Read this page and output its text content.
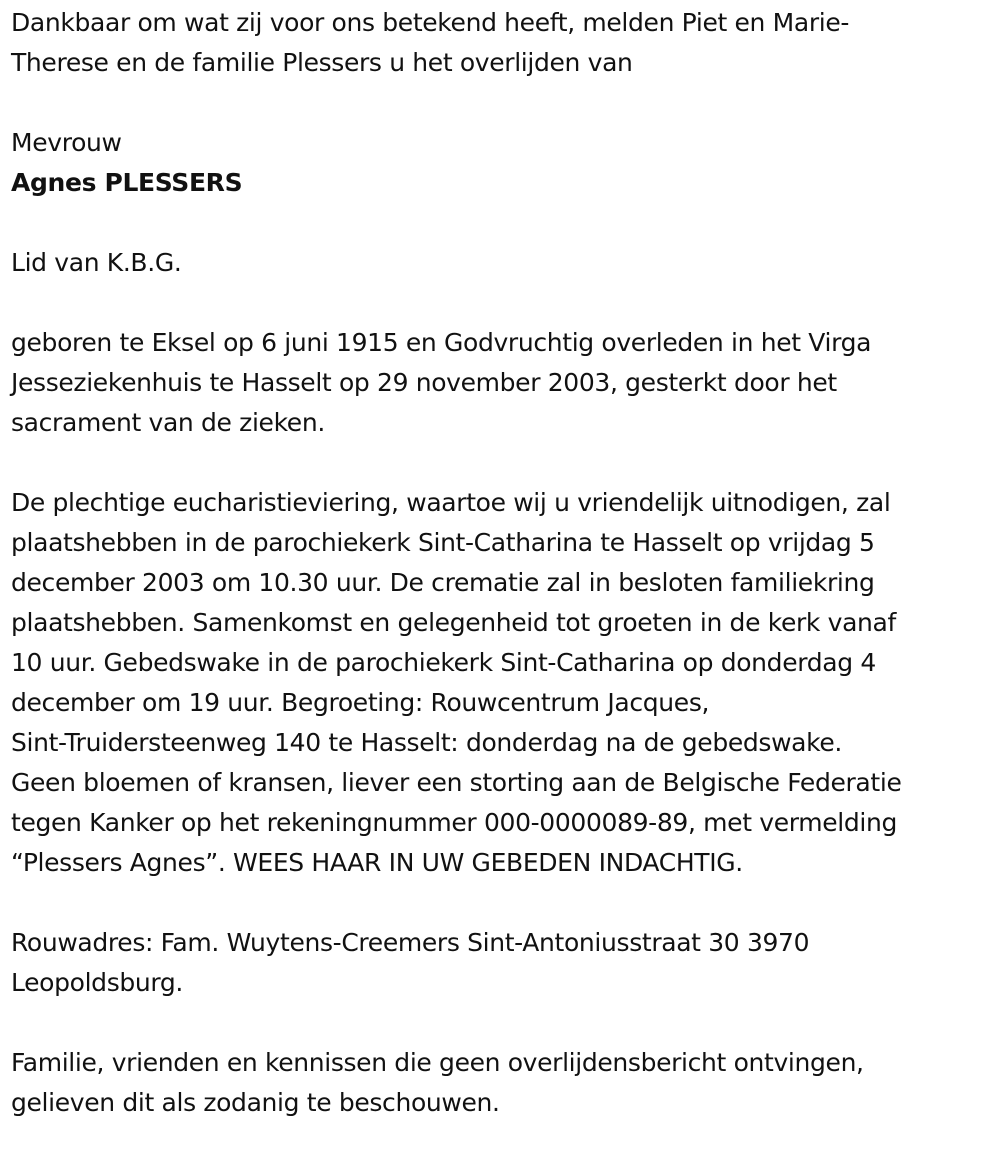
Dankbaar om wat zij voor ons betekend heeft, melden Piet en Marie-

Therese en de familie Plessers u het overlijden van

Mevrouw

Agnes PLESSERS

Lid van K.B.G.

geboren te Eksel op 6 juni 1915 en Godvruchtig overleden in het Virga

Jesseziekenhuis te Hasselt op 29 november 2003, gesterkt door het

sacrament van de zieken.

De plechtige eucharistieviering, waartoe wij u vriendelijk uitnodigen, zal

plaatshebben in de parochiekerk Sint-Catharina te Hasselt op vrijdag 5

december 2003 om 10.30 uur. De crematie zal in besloten familiekring

plaatshebben. Samenkomst en gelegenheid tot groeten in de kerk vanaf

10 uur. Gebedswake in de parochiekerk Sint-Catharina op donderdag 4

december om 19 uur. Begroeting: Rouwcentrum Jacques,

Sint-Truidersteenweg 140 te Hasselt: donderdag na de gebedswake.

Geen bloemen of kransen, liever een storting aan de Belgische Federatie

tegen Kanker op het rekeningnummer 000-0000089-89, met vermelding

“Plessers Agnes”. WEES HAAR IN UW GEBEDEN INDACHTIG.

Rouwadres: Fam. Wuytens-Creemers Sint-Antoniusstraat 30 3970

Leopoldsburg.

Familie, vrienden en kennissen die geen overlijdensbericht ontvingen,

gelieven dit als zodanig te beschouwen.
